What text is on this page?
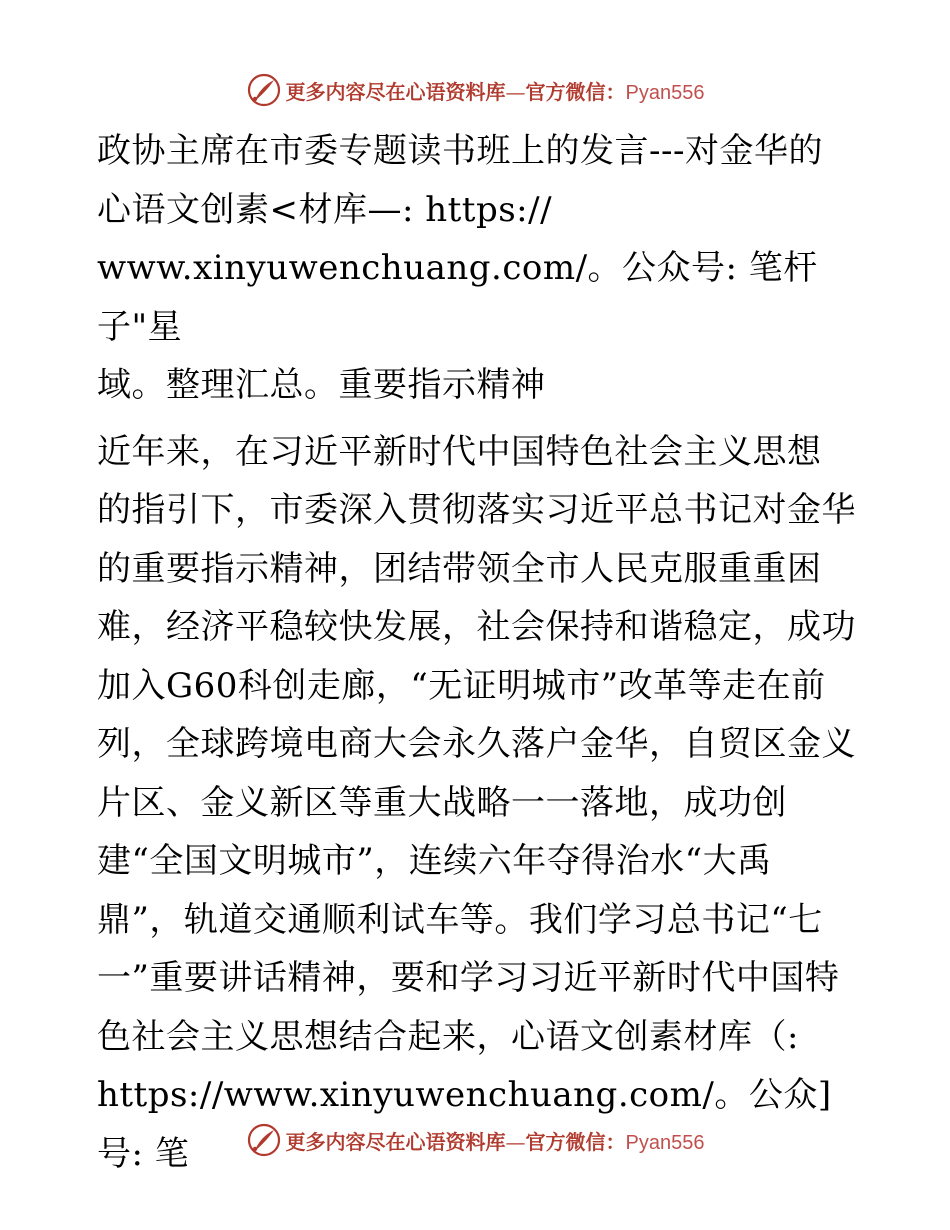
更多内容尽在心语资料库—官方微信：Pyan556

政协主席在市委专题读书班上的发言---对金华的
心语文创素<材库—: https://
www.xinyuwenchuang.com/。公众号: 笔杆子"星
域。整理汇总。重要指示精神

近年来，在习近平新时代中国特色社会主义思想
的指引下，市委深入贯彻落实习近平总书记对金华
的重要指示精神，团结带领全市人民克服重重困
难，经济平稳较快发展，社会保持和谐稳定，成功
加入G60科创走廊，“无证明城市”改革等走在前
列，全球跨境电商大会永久落户金华，自贸区金义
片区、金义新区等重大战略一一落地，成功创
建“全国文明城市”，连续六年夺得治水“大禹
鼎”，轨道交通顺利试车等。我们学习总书记“七
一”重要讲话精神，要和学习习近平新时代中国特
色社会主义思想结合起来，心语文创素材库（:
https://www.xinyuwenchuang.com/。公众]号: 笔	更多内容尽在心语资料库—官方微信：Pyan556
